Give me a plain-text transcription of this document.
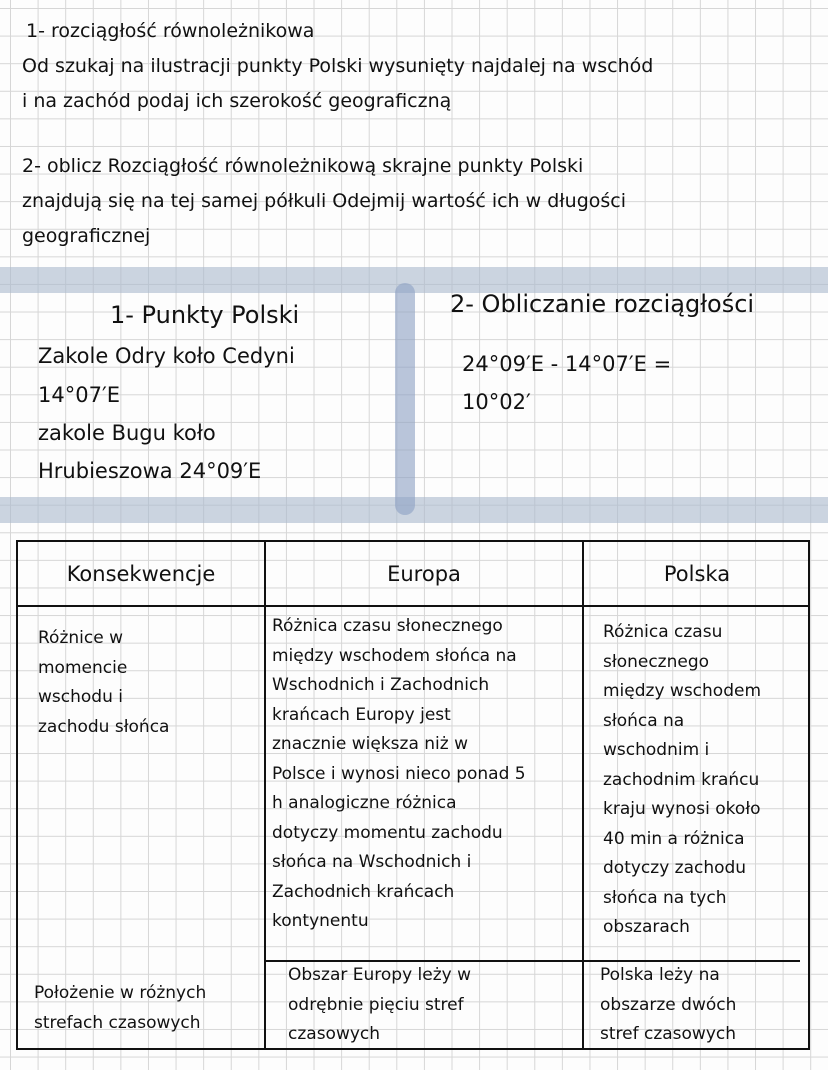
1- rozciągłość równoleżnikowa
Od szukaj na ilustracji punkty Polski wysunięty najdalej na wschód
i na zachód podaj ich szerokość geograficzną
2- oblicz Rozciągłość równoleżnikową skrajne punkty Polski
znajdują się na tej samej półkuli Odejmij wartość ich w długości
geograficznej
1- Punkty Polski
Zakole Odry koło Cedyni
14°07′E
zakole Bugu koło
Hrubieszowa 24°09′E
2- Obliczanie rozciągłości
24°09′E - 14°07′E =
10°02′
Konsekwencje	Europa	Polska
Różnice w
momencie
wschodu i
zachodu słońca
Różnica czasu słonecznego
między wschodem słońca na
Wschodnich i Zachodnich
krańcach Europy jest
znacznie większa niż w
Polsce i wynosi nieco ponad 5
h analogiczne różnica
dotyczy momentu zachodu
słońca na Wschodnich i
Zachodnich krańcach
kontynentu
Różnica czasu
słonecznego
między wschodem
słońca na
wschodnim i
zachodnim krańcu
kraju wynosi około
40 min a różnica
dotyczy zachodu
słońca na tych
obszarach
Położenie w różnych
strefach czasowych
Obszar Europy leży w
odrębnie pięciu stref
czasowych
Polska leży na
obszarze dwóch
stref czasowych
